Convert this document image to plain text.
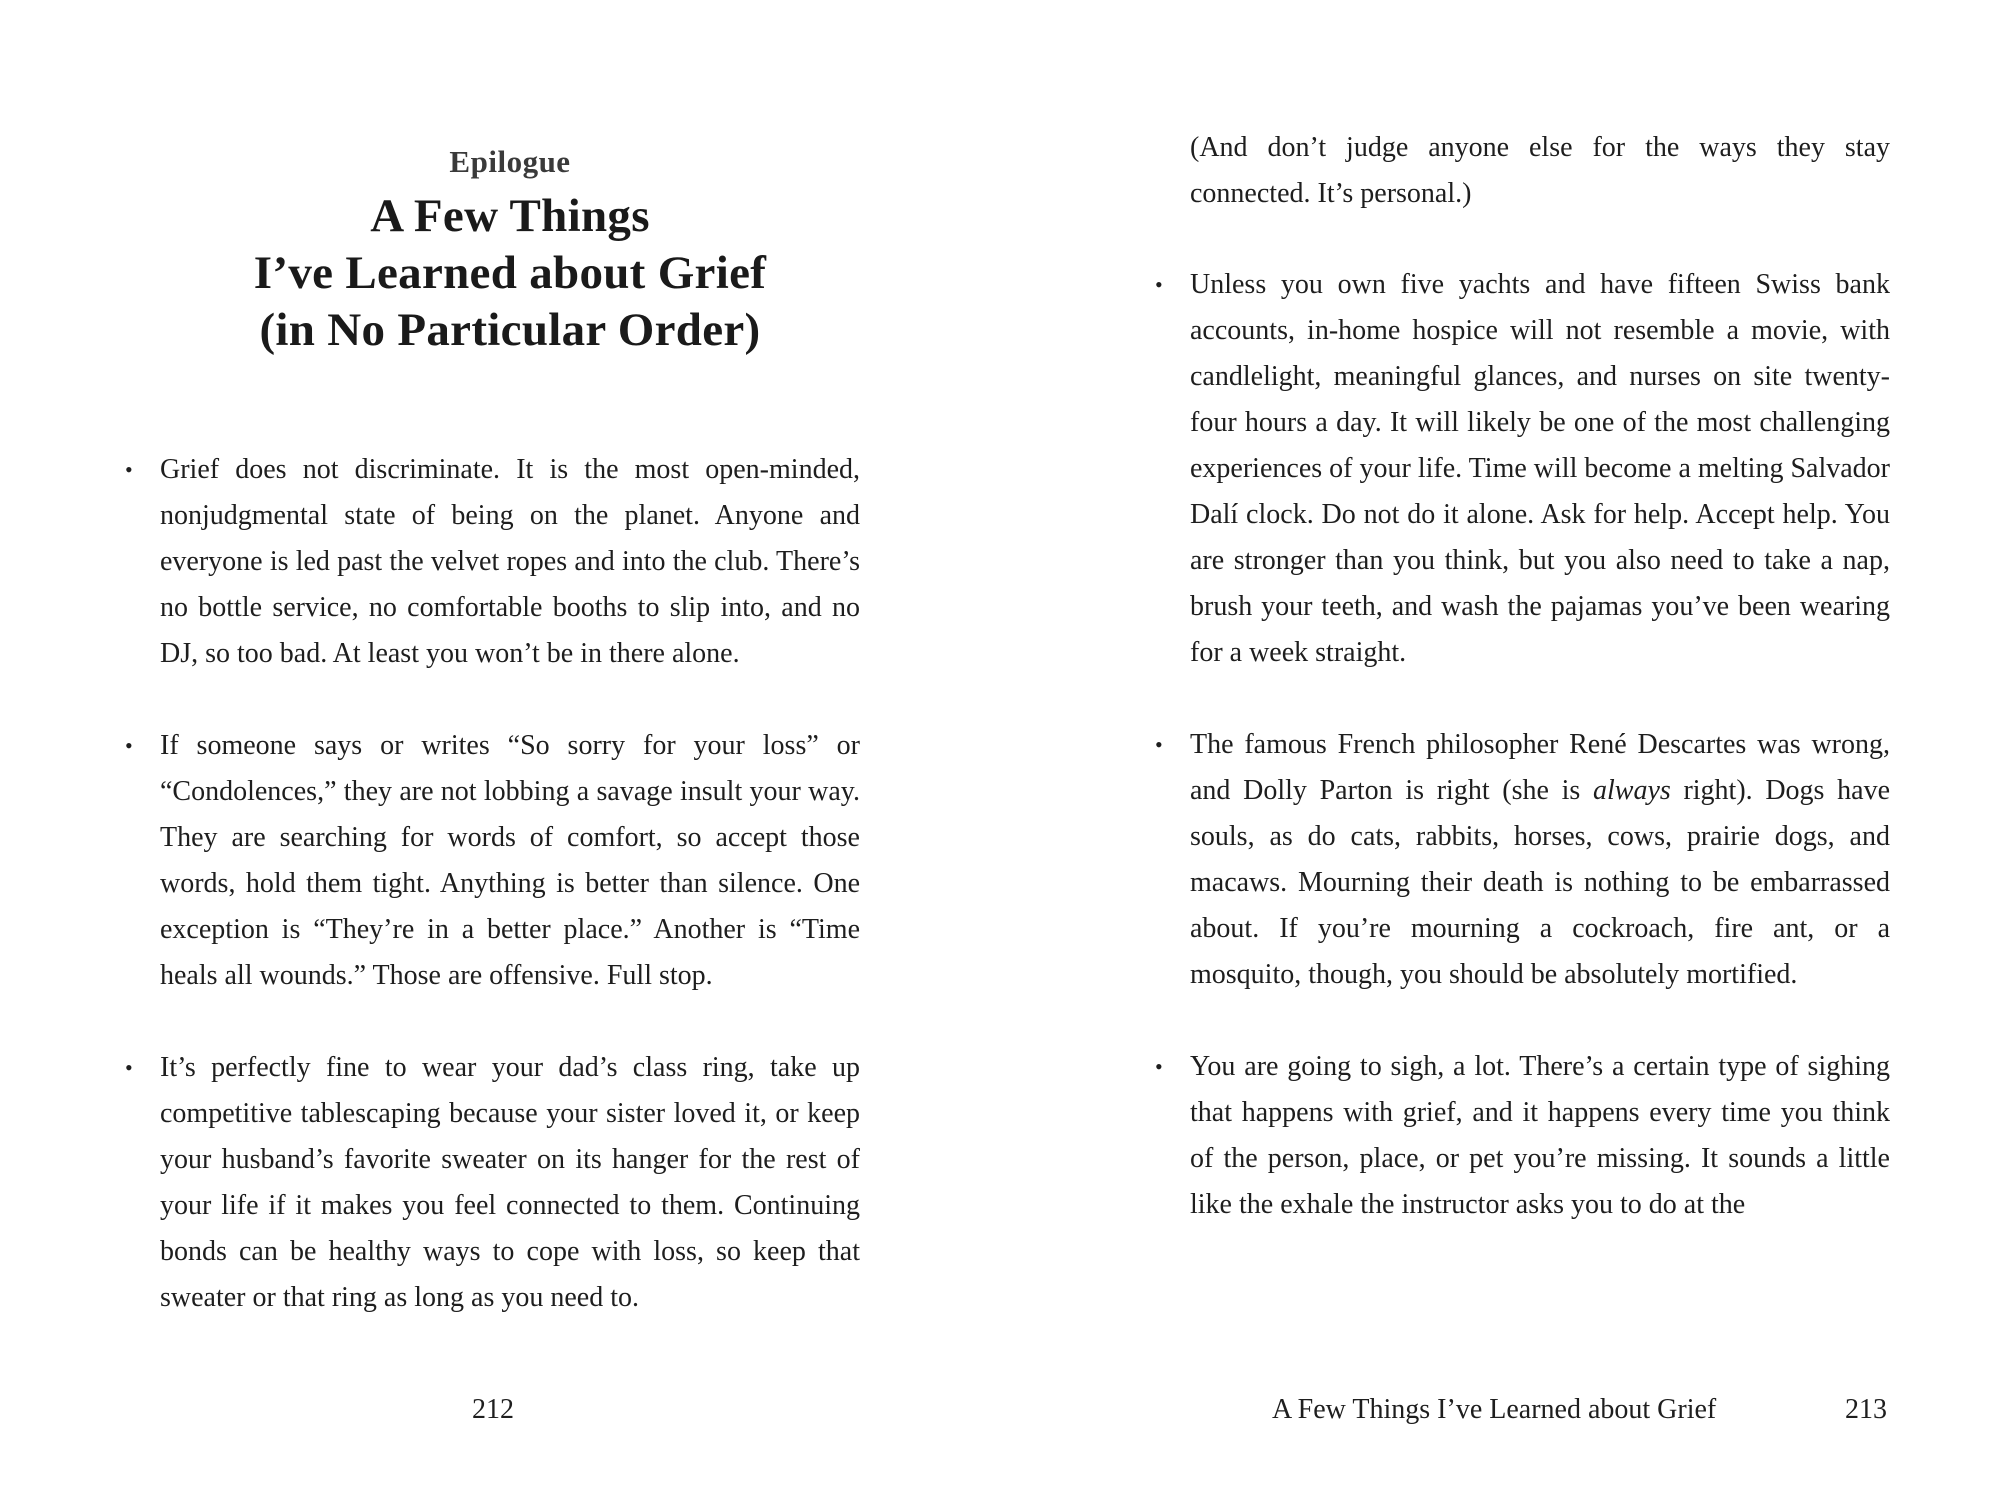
Epilogue
A Few Things
I’ve Learned about Grief
(in No Particular Order)
• Grief does not discriminate. It is the most open-minded, nonjudgmental state of being on the planet. Anyone and everyone is led past the velvet ropes and into the club. There’s no bottle service, no comfortable booths to slip into, and no DJ, so too bad. At least you won’t be in there alone.
• If someone says or writes “So sorry for your loss” or “Condolences,” they are not lobbing a savage insult your way. They are searching for words of comfort, so accept those words, hold them tight. Anything is better than silence. One exception is “They’re in a better place.” Another is “Time heals all wounds.” Those are offensive. Full stop.
• It’s perfectly fine to wear your dad’s class ring, take up competitive tablescaping because your sister loved it, or keep your husband’s favorite sweater on its hanger for the rest of your life if it makes you feel connected to them. Continuing bonds can be healthy ways to cope with loss, so keep that sweater or that ring as long as you need to.
212

(And don’t judge anyone else for the ways they stay connected. It’s personal.)

• Unless you own five yachts and have fifteen Swiss bank accounts, in-home hospice will not resemble a movie, with candlelight, meaningful glances, and nurses on site twenty-four hours a day. It will likely be one of the most challenging experiences of your life. Time will become a melting Salvador Dalí clock. Do not do it alone. Ask for help. Accept help. You are stronger than you think, but you also need to take a nap, brush your teeth, and wash the pajamas you’ve been wearing for a week straight.
• The famous French philosopher René Descartes was wrong, and Dolly Parton is right (she is always right). Dogs have souls, as do cats, rabbits, horses, cows, prairie dogs, and macaws. Mourning their death is nothing to be embarrassed about. If you’re mourning a cockroach, fire ant, or a mosquito, though, you should be absolutely mortified.
• You are going to sigh, a lot. There’s a certain type of sighing that happens with grief, and it happens every time you think of the person, place, or pet you’re missing. It sounds a little like the exhale the instructor asks you to do at the
A Few Things I’ve Learned about Grief	213
